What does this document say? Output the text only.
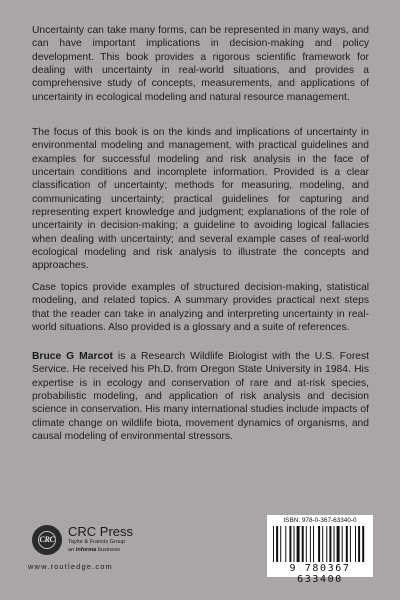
Uncertainty can take many forms, can be represented in many ways, and can have important implications in decision-making and policy development. This book provides a rigorous scientific framework for dealing with uncertainty in real-world situations, and provides a comprehensive study of concepts, measurements, and applications of uncertainty in ecological modeling and natural resource management.

The focus of this book is on the kinds and implications of uncertainty in environmental modeling and management, with practical guidelines and examples for successful modeling and risk analysis in the face of uncertain conditions and incomplete information. Provided is a clear classification of uncertainty; methods for measuring, modeling, and communicating uncertainty; practical guidelines for capturing and representing expert knowledge and judgment; explanations of the role of uncertainty in decision-making; a guideline to avoiding logical fallacies when dealing with uncertainty; and several example cases of real-world ecological modeling and risk analysis to illustrate the concepts and approaches.

Case topics provide examples of structured decision-making, statistical modeling, and related topics. A summary provides practical next steps that the reader can take in analyzing and interpreting uncertainty in real-world situations. Also provided is a glossary and a suite of references.

Bruce G Marcot is a Research Wildlife Biologist with the U.S. Forest Service. He received his Ph.D. from Oregon State University in 1984. His expertise is in ecology and conservation of rare and at-risk species, probabilistic modeling, and application of risk analysis and decision science in conservation. His many international studies include impacts of climate change on wildlife biota, movement dynamics of organisms, and causal modeling of environmental stressors.

CRC
CRC Press
Taylor & Francis Group
an informa business
www.routledge.com
ISBN: 978-0-367-63340-0
9 780367 633400
